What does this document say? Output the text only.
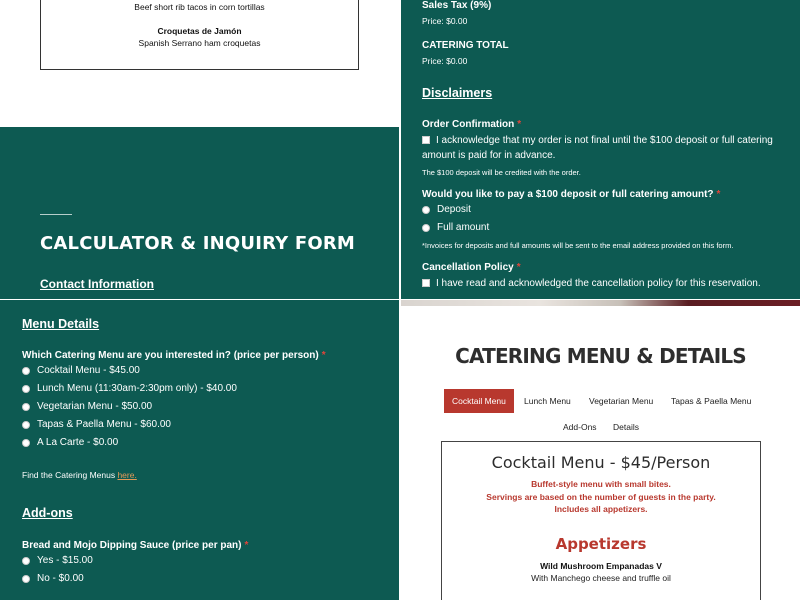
Beef short rib tacos in corn tortillas
Croquetas de Jamón
Spanish Serrano ham croquetas
CALCULATOR & INQUIRY FORM
Contact Information
Menu Details
Which Catering Menu are you interested in? (price per person) *
Cocktail Menu - $45.00
Lunch Menu (11:30am-2:30pm only) - $40.00
Vegetarian Menu - $50.00
Tapas & Paella Menu - $60.00
A La Carte - $0.00
Find the Catering Menus here.
Add-ons
Bread and Mojo Dipping Sauce (price per pan) *
Yes - $15.00
No - $0.00
Sales Tax (9%)
Price: $0.00
CATERING TOTAL
Price: $0.00
Disclaimers
Order Confirmation *
I acknowledge that my order is not final until the $100 deposit or full catering amount is paid for in advance.
The $100 deposit will be credited with the order.
Would you like to pay a $100 deposit or full catering amount? *
Deposit
Full amount
*Invoices for deposits and full amounts will be sent to the email address provided on this form.
Cancellation Policy *
I have read and acknowledged the cancellation policy for this reservation.
CATERING MENU & DETAILS
Cocktail Menu	Lunch Menu	Vegetarian Menu	Tapas & Paella Menu
Add-Ons	Details
Cocktail Menu - $45/Person
Buffet-style menu with small bites.
Servings are based on the number of guests in the party.
Includes all appetizers.
Appetizers
Wild Mushroom Empanadas V
With Manchego cheese and truffle oil
